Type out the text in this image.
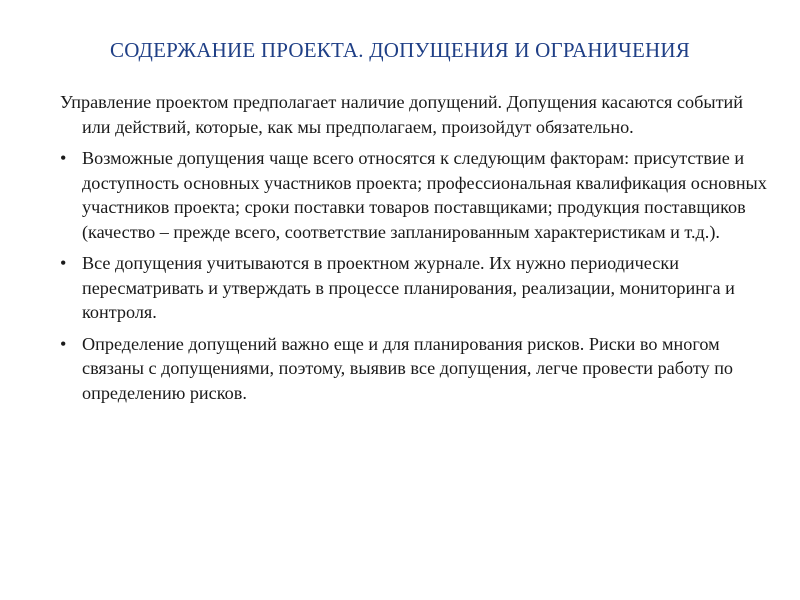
СОДЕРЖАНИЕ ПРОЕКТА. ДОПУЩЕНИЯ И ОГРАНИЧЕНИЯ

Управление проектом предполагает наличие допущений. Допущения касаются событий или действий, которые, как мы предполагаем, произойдут обязательно.

• Возможные допущения чаще всего относятся к следующим факторам: присутствие и доступность основных участников проекта; профессиональная квалификация основных участников проекта; сроки поставки товаров поставщиками; продукция поставщиков (качество – прежде всего, соответствие запланированным характеристикам и т.д.).
• Все допущения учитываются в проектном журнале. Их нужно периодически пересматривать и утверждать в процессе планирования, реализации, мониторинга и контроля.
• Определение допущений важно еще и для планирования рисков. Риски во многом связаны с допущениями, поэтому, выявив все допущения, легче провести работу по определению рисков.
